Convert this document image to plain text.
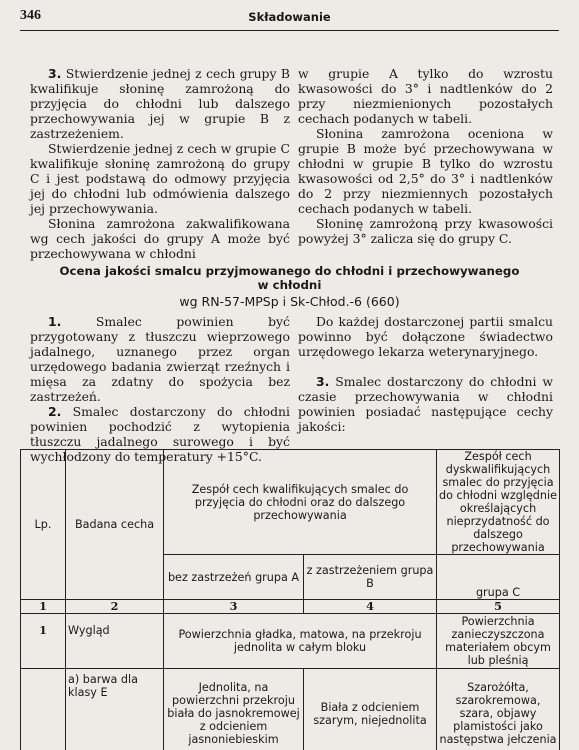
346	Składowanie

3. Stwierdzenie jednej z cech grupy B kwalifikuje słoninę zamrożoną do przyjęcia do chłodni lub dalszego przechowywania jej w grupie B z zastrzeżeniem.

Stwierdzenie jednej z cech w grupie C kwalifikuje słoninę zamrożoną do grupy C i jest podstawą do odmowy przyjęcia jej do chłodni lub odmówienia dalszego jej przechowywania.

Słonina zamrożona zakwalifikowana wg cech jakości do grupy A może być przechowywana w chłodni

w grupie A tylko do wzrostu kwasowości do 3° i nadtlenków do 2 przy niezmienionych pozostałych cechach podanych w tabeli.

Słonina zamrożona oceniona w grupie B może być przechowywana w chłodni w grupie B tylko do wzrostu kwasowości od 2,5° do 3° i nadtlenków do 2 przy niezmiennych pozostałych cechach podanych w tabeli.

Słoninę zamrożoną przy kwasowości powyżej 3° zalicza się do grupy C.

Ocena jakości smalcu przyjmowanego do chłodni i przechowywanego
w chłodni
wg RN-57-MPSp i Sk-Chłod.-6 (660)

1. Smalec powinien być przygotowany z tłuszczu wieprzowego jadalnego, uznanego przez organ urzędowego badania zwierząt rzeźnych i mięsa za zdatny do spożycia bez zastrzeżeń.

2. Smalec dostarczony do chłodni powinien pochodzić z wytopienia tłuszczu jadalnego surowego i być wychłodzony do temperatury +15°C.

Do każdej dostarczonej partii smalcu powinno być dołączone świadectwo urzędowego lekarza weterynaryjnego.

3. Smalec dostarczony do chłodni w czasie przechowywania w chłodni powinien posiadać następujące cechy jakości:

Lp.	Badana cecha	Zespół cech kwalifikujących smalec do przyjęcia do chłodni oraz do dalszego przechowywania		Zespół cech dyskwalifikujących smalec do przyjęcia do chłodni względnie określających nieprzydatność do dalszego przechowywania
		bez zastrzeżeń grupa A	z zastrzeżeniem grupa B	grupa C
1	2	3	4	5
1	Wygląd	Powierzchnia gładka, matowa, na przekroju jednolita w całym bloku		Powierzchnia zanieczyszczona materiałem obcym lub pleśnią
	a) barwa dla klasy E	Jednolita, na powierzchni przekroju biała do jasnokremowej z odcieniem jasnoniebieskim	Biała z odcieniem szarym, niejednolita	Szarożółta, szarokremowa, szara, objawy plamistości jako następstwa jełczenia
